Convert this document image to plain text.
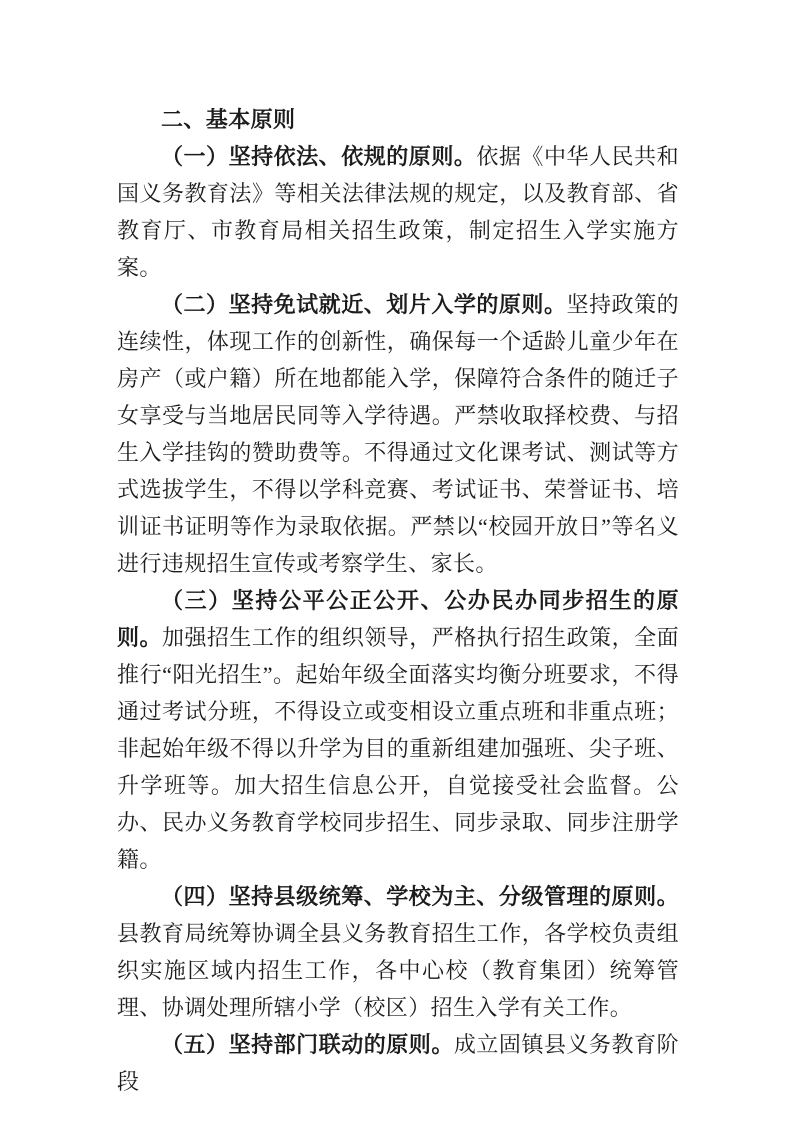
二、基本原则

（一）坚持依法、依规的原则。依据《中华人民共和国义务教育法》等相关法律法规的规定，以及教育部、省教育厅、市教育局相关招生政策，制定招生入学实施方案。

（二）坚持免试就近、划片入学的原则。坚持政策的连续性，体现工作的创新性，确保每一个适龄儿童少年在房产（或户籍）所在地都能入学，保障符合条件的随迁子女享受与当地居民同等入学待遇。严禁收取择校费、与招生入学挂钩的赞助费等。不得通过文化课考试、测试等方式选拔学生，不得以学科竞赛、考试证书、荣誉证书、培训证书证明等作为录取依据。严禁以“校园开放日”等名义进行违规招生宣传或考察学生、家长。

（三）坚持公平公正公开、公办民办同步招生的原则。加强招生工作的组织领导，严格执行招生政策，全面推行“阳光招生”。起始年级全面落实均衡分班要求，不得通过考试分班，不得设立或变相设立重点班和非重点班；非起始年级不得以升学为目的重新组建加强班、尖子班、升学班等。加大招生信息公开，自觉接受社会监督。公办、民办义务教育学校同步招生、同步录取、同步注册学籍。

（四）坚持县级统筹、学校为主、分级管理的原则。县教育局统筹协调全县义务教育招生工作，各学校负责组织实施区域内招生工作，各中心校（教育集团）统筹管理、协调处理所辖小学（校区）招生入学有关工作。

（五）坚持部门联动的原则。成立固镇县义务教育阶段
